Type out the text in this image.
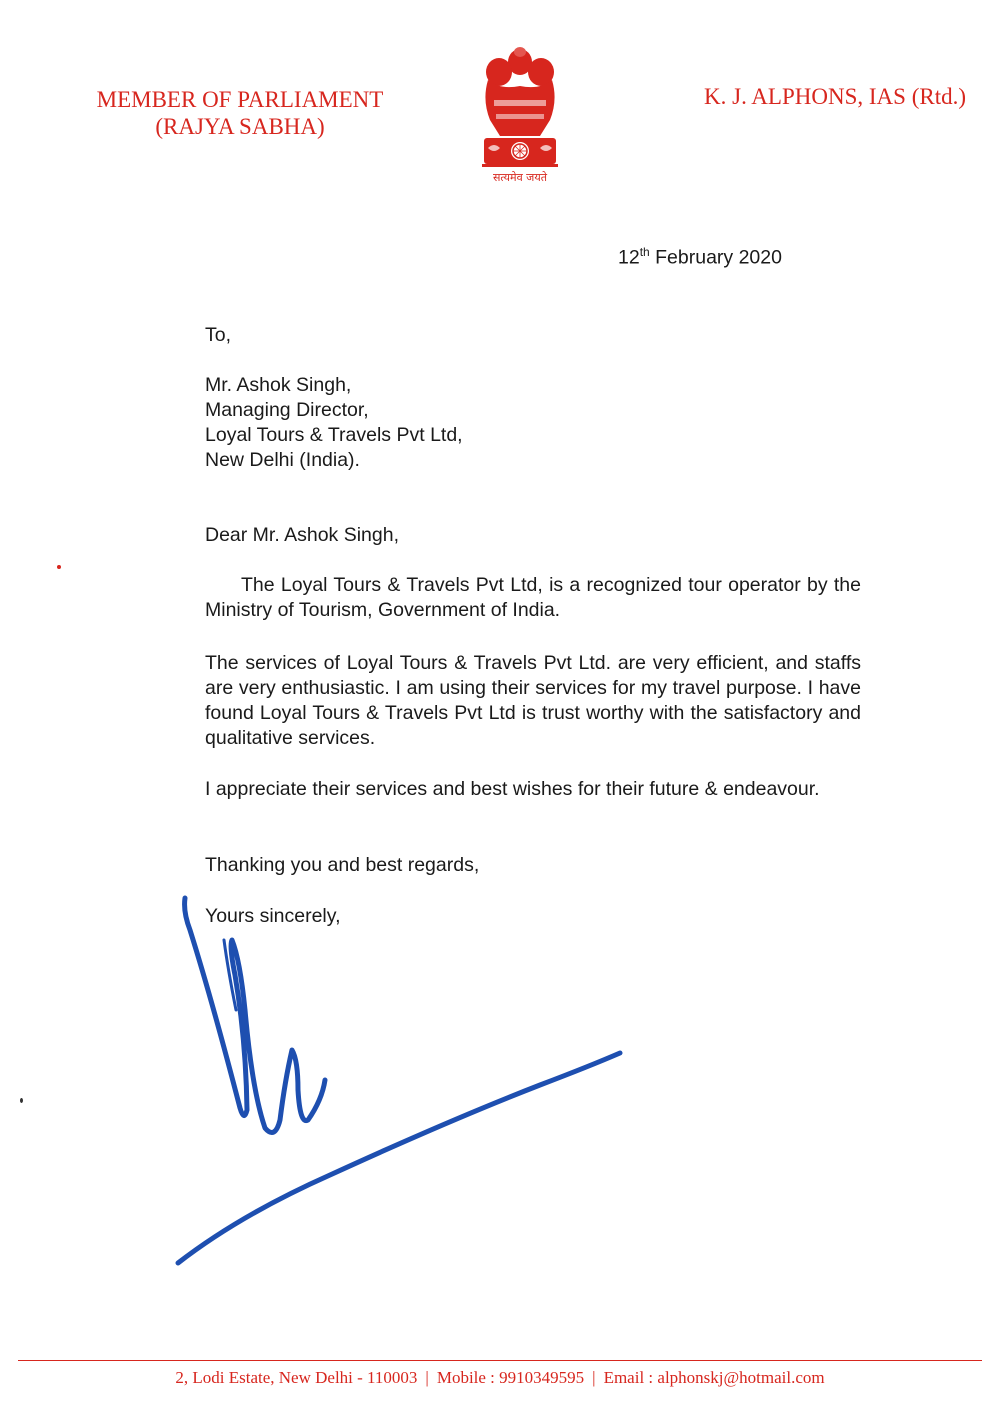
MEMBER OF PARLIAMENT
(RAJYA SABHA)
सत्यमेव जयते
K. J. ALPHONS, IAS (Rtd.)
12th February 2020
To,
Mr. Ashok Singh,
Managing Director,
Loyal Tours & Travels Pvt Ltd,
New Delhi (India).
Dear Mr. Ashok Singh,
The Loyal Tours & Travels Pvt Ltd, is a recognized tour operator by the Ministry of Tourism, Government of India.
The services of Loyal Tours & Travels Pvt Ltd. are very efficient, and staffs are very enthusiastic. I am using their services for my travel purpose. I have found Loyal Tours & Travels Pvt Ltd is trust worthy with the satisfactory and qualitative services.
I appreciate their services and best wishes for their future & endeavour.
Thanking you and best regards,
Yours sincerely,
2, Lodi Estate, New Delhi - 110003 | Mobile : 9910349595 | Email : alphonskj@hotmail.com
